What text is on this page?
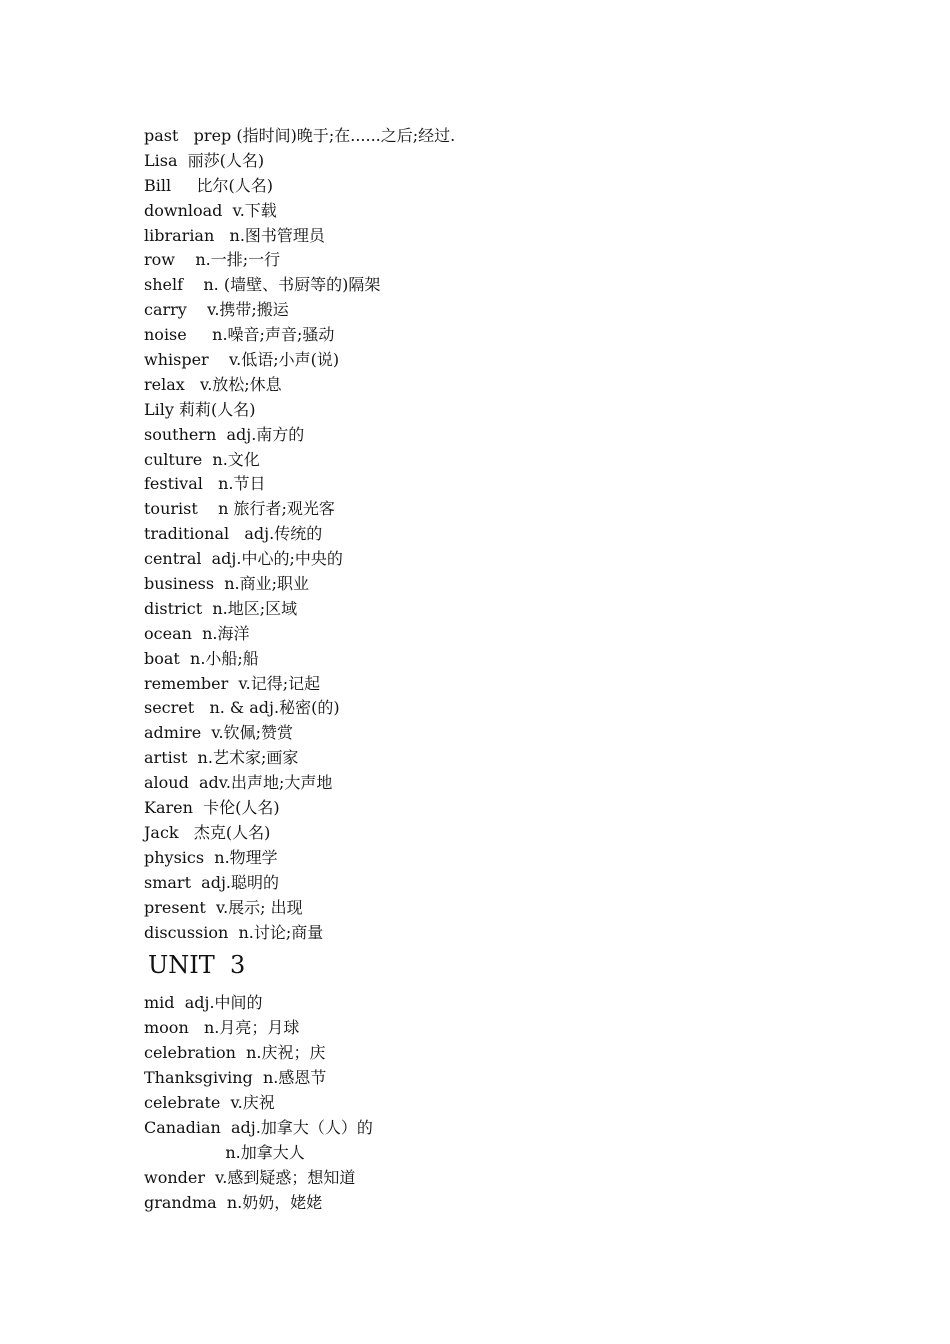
past   prep (指时间)晚于;在......之后;经过.
Lisa  丽莎(人名)
Bill     比尔(人名)
download  v.下载
librarian   n.图书管理员
row    n.一排;一行
shelf    n. (墙壁、书厨等的)隔架
carry    v.携带;搬运
noise     n.噪音;声音;骚动
whisper    v.低语;小声(说)
relax   v.放松;休息
Lily 莉莉(人名)
southern  adj.南方的
culture  n.文化
festival   n.节日
tourist    n 旅行者;观光客
traditional   adj.传统的
central  adj.中心的;中央的
business  n.商业;职业
district  n.地区;区域
ocean  n.海洋
boat  n.小船;船
remember  v.记得;记起
secret   n. & adj.秘密(的)
admire  v.钦佩;赞赏
artist  n.艺术家;画家
aloud  adv.出声地;大声地
Karen  卡伦(人名)
Jack   杰克(人名)
physics  n.物理学
smart  adj.聪明的
present  v.展示; 出现
discussion  n.讨论;商量
UNIT  3
mid  adj.中间的
moon   n.月亮；月球
celebration  n.庆祝；庆
Thanksgiving  n.感恩节
celebrate  v.庆祝
Canadian  adj.加拿大（人）的
n.加拿大人
wonder  v.感到疑惑；想知道
grandma  n.奶奶，姥姥
